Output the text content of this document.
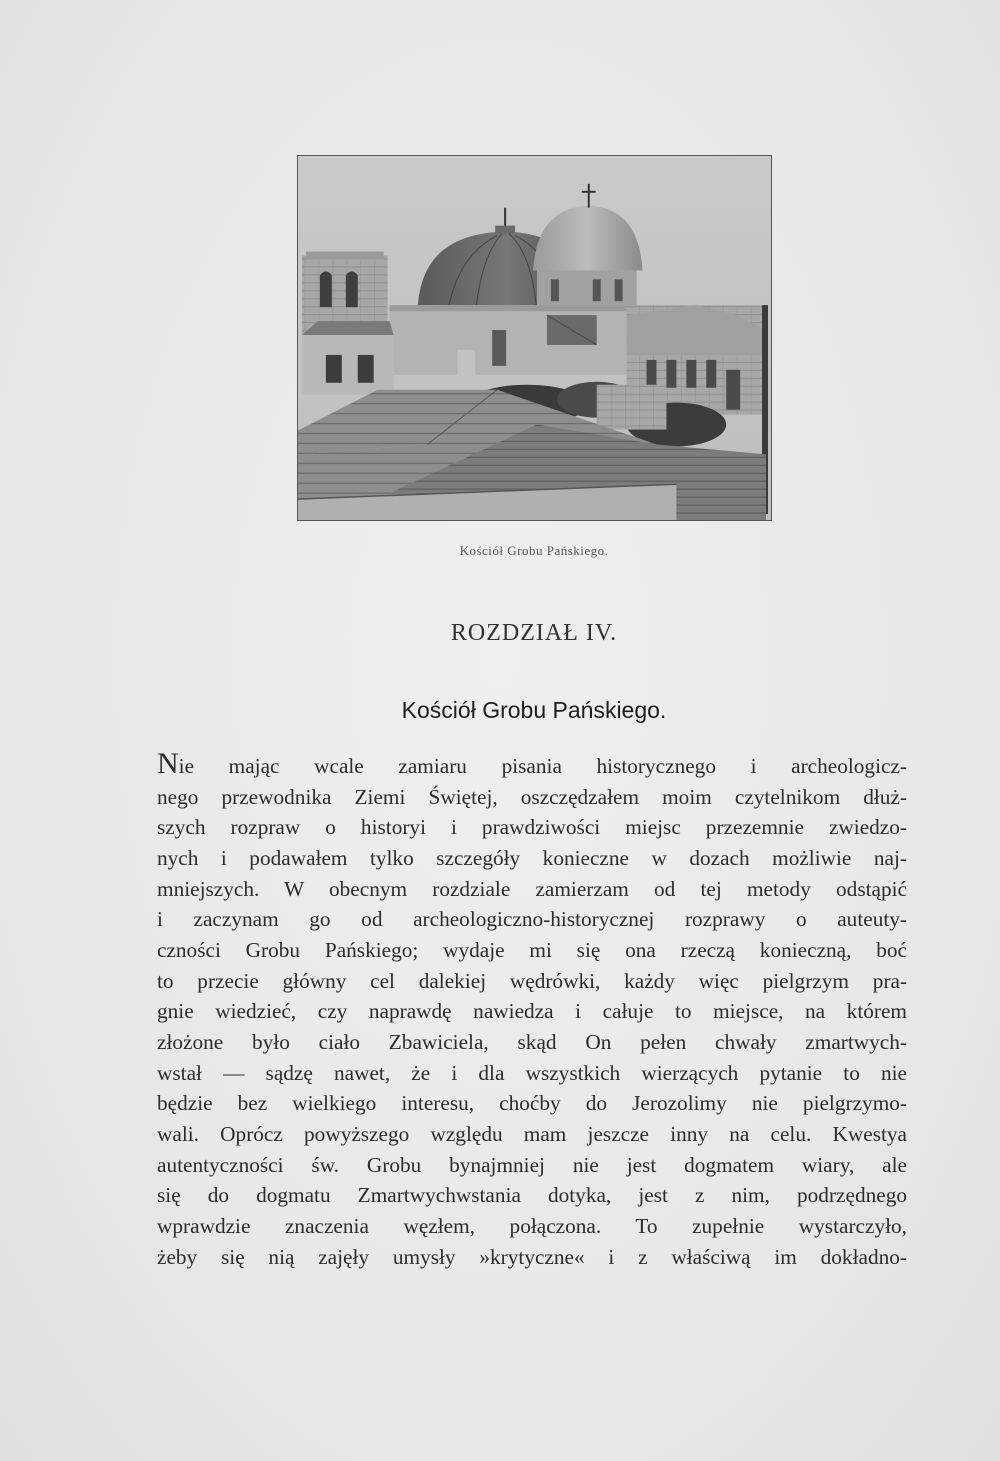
Kościół Grobu Pańskiego.
ROZDZIAŁ IV.
Kościół Grobu Pańskiego.
Nie mając wcale zamiaru pisania historycznego i archeologicz-
nego przewodnika Ziemi Świętej, oszczędzałem moim czytelnikom dłuż-
szych rozpraw o historyi i prawdziwości miejsc przezemnie zwiedzo-
nych i podawałem tylko szczegóły konieczne w dozach możliwie naj-
mniejszych. W obecnym rozdziale zamierzam od tej metody odstąpić
i zaczynam go od archeologiczno-historycznej rozprawy o auteuty-
czności Grobu Pańskiego; wydaje mi się ona rzeczą konieczną, boć
to przecie główny cel dalekiej wędrówki, każdy więc pielgrzym pra-
gnie wiedzieć, czy naprawdę nawiedza i całuje to miejsce, na którem
złożone było ciało Zbawiciela, skąd On pełen chwały zmartwych-
wstał — sądzę nawet, że i dla wszystkich wierzących pytanie to nie
będzie bez wielkiego interesu, choćby do Jerozolimy nie pielgrzymo-
wali. Oprócz powyższego względu mam jeszcze inny na celu. Kwestya
autentyczności św. Grobu bynajmniej nie jest dogmatem wiary, ale
się do dogmatu Zmartwychwstania dotyka, jest z nim, podrzędnego
wprawdzie znaczenia węzłem, połączona. To zupełnie wystarczyło,
żeby się nią zajęły umysły »krytyczne« i z właściwą im dokładno-
